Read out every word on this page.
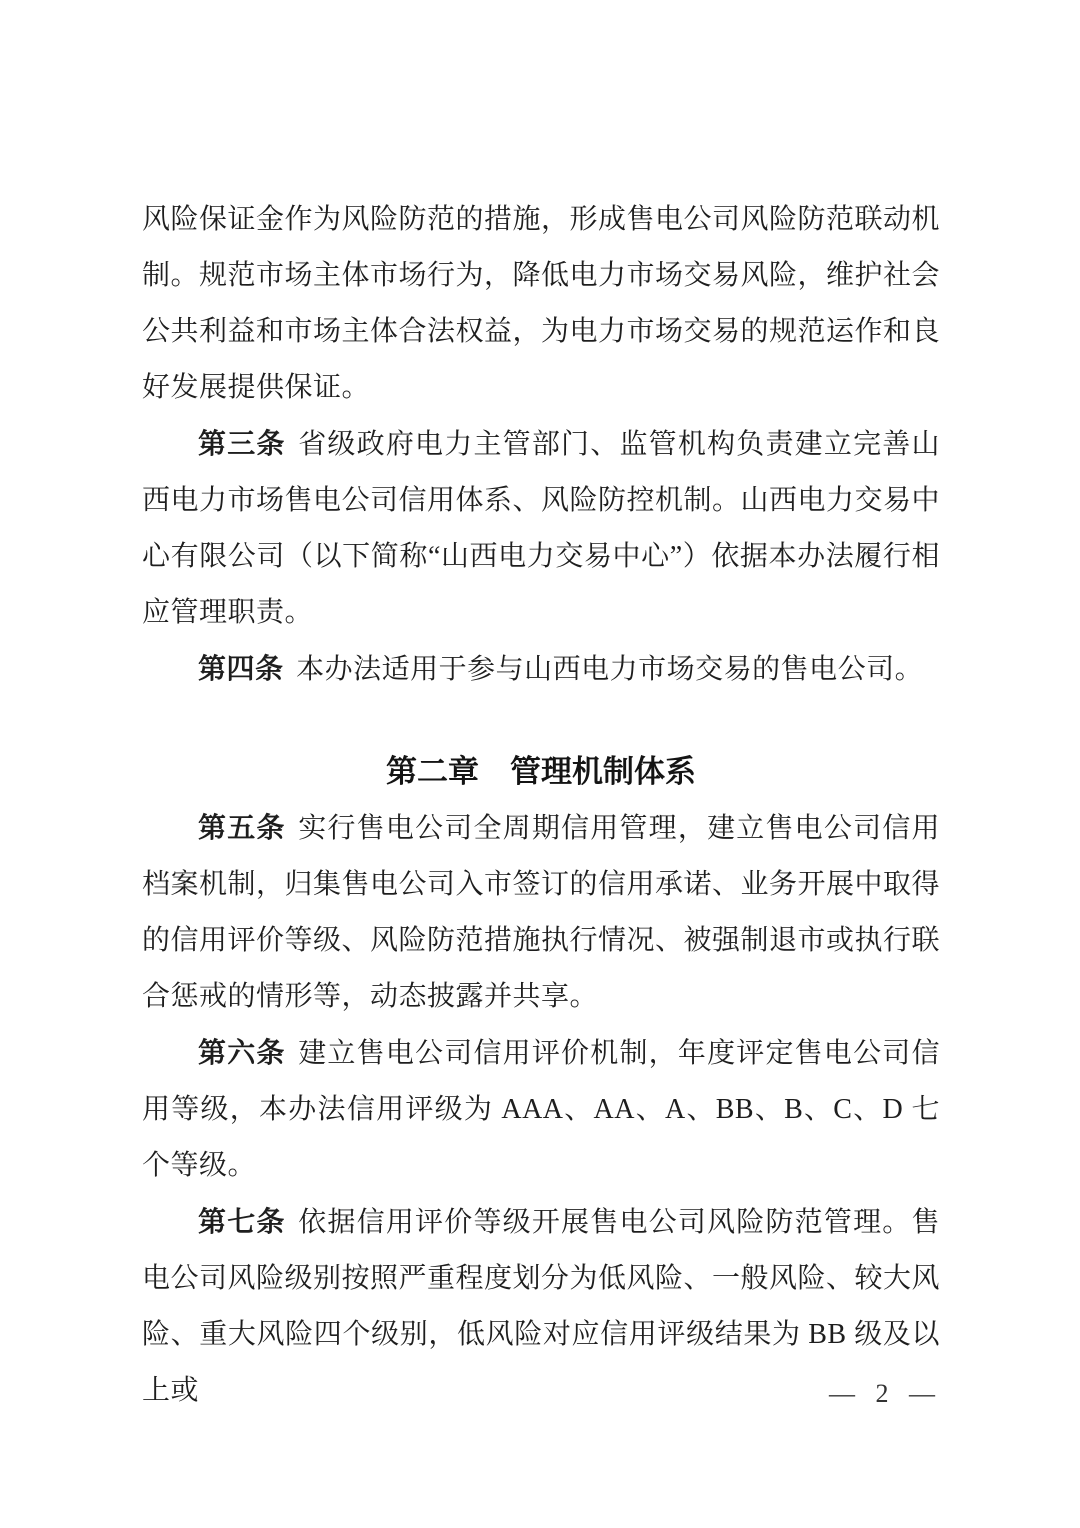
风险保证金作为风险防范的措施，形成售电公司风险防范联动机制。规范市场主体市场行为，降低电力市场交易风险，维护社会公共利益和市场主体合法权益，为电力市场交易的规范运作和良好发展提供保证。

第三条 省级政府电力主管部门、监管机构负责建立完善山西电力市场售电公司信用体系、风险防控机制。山西电力交易中心有限公司（以下简称“山西电力交易中心”）依据本办法履行相应管理职责。

第四条 本办法适用于参与山西电力市场交易的售电公司。

第二章 管理机制体系

第五条 实行售电公司全周期信用管理，建立售电公司信用档案机制，归集售电公司入市签订的信用承诺、业务开展中取得的信用评价等级、风险防范措施执行情况、被强制退市或执行联合惩戒的情形等，动态披露并共享。

第六条 建立售电公司信用评价机制，年度评定售电公司信用等级，本办法信用评级为 AAA、AA、A、BB、B、C、D 七个等级。

第七条 依据信用评价等级开展售电公司风险防范管理。售电公司风险级别按照严重程度划分为低风险、一般风险、较大风险、重大风险四个级别，低风险对应信用评级结果为 BB 级及以上或	— 2 —
